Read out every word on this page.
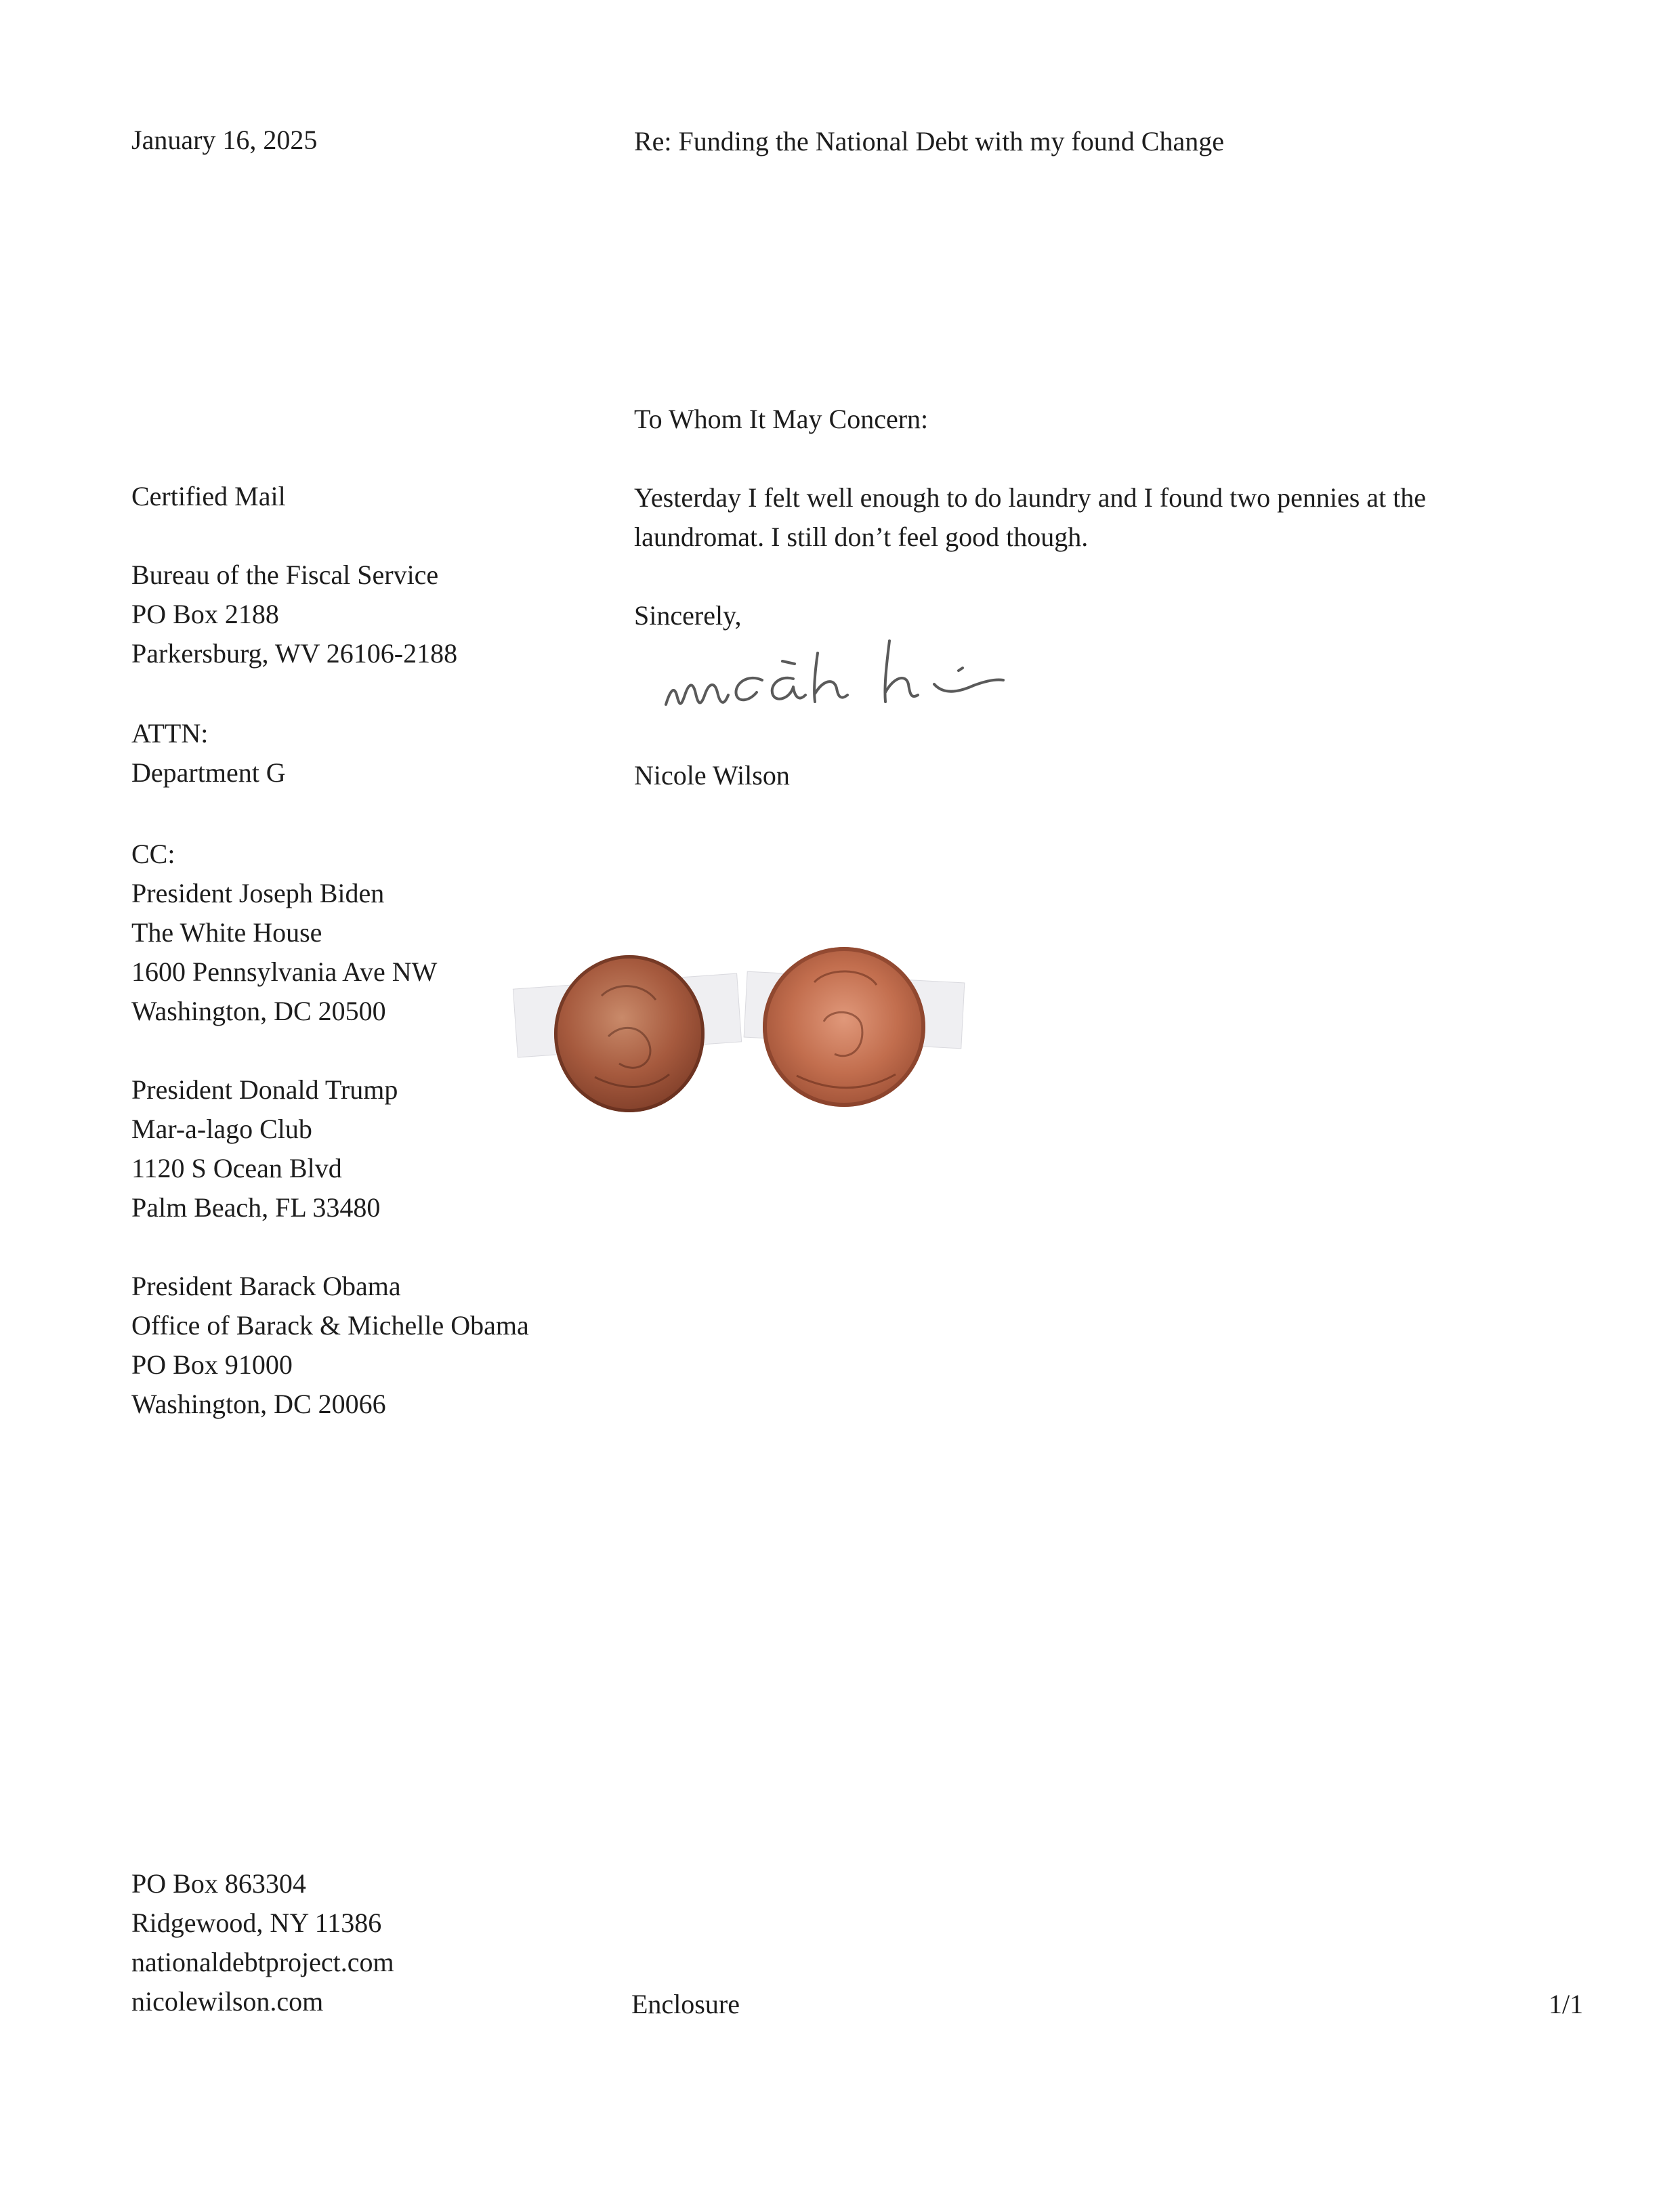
January 16, 2025	Re: Funding the National Debt with my found Change
To Whom It May Concern:
Certified Mail
Bureau of the Fiscal Service
PO Box 2188
Parkersburg, WV 26106-2188
ATTN:
Department G
Yesterday I felt well enough to do laundry and I found two pennies at the
laundromat. I still don’t feel good though.
Sincerely,
Nicole Wilson
CC:
President Joseph Biden
The White House
1600 Pennsylvania Ave NW
Washington, DC 20500
President Donald Trump
Mar-a-lago Club
1120 S Ocean Blvd
Palm Beach, FL 33480
President Barack Obama
Office of Barack & Michelle Obama
PO Box 91000
Washington, DC 20066
PO Box 863304
Ridgewood, NY 11386
nationaldebtproject.com
nicolewilson.com	Enclosure	1/1
